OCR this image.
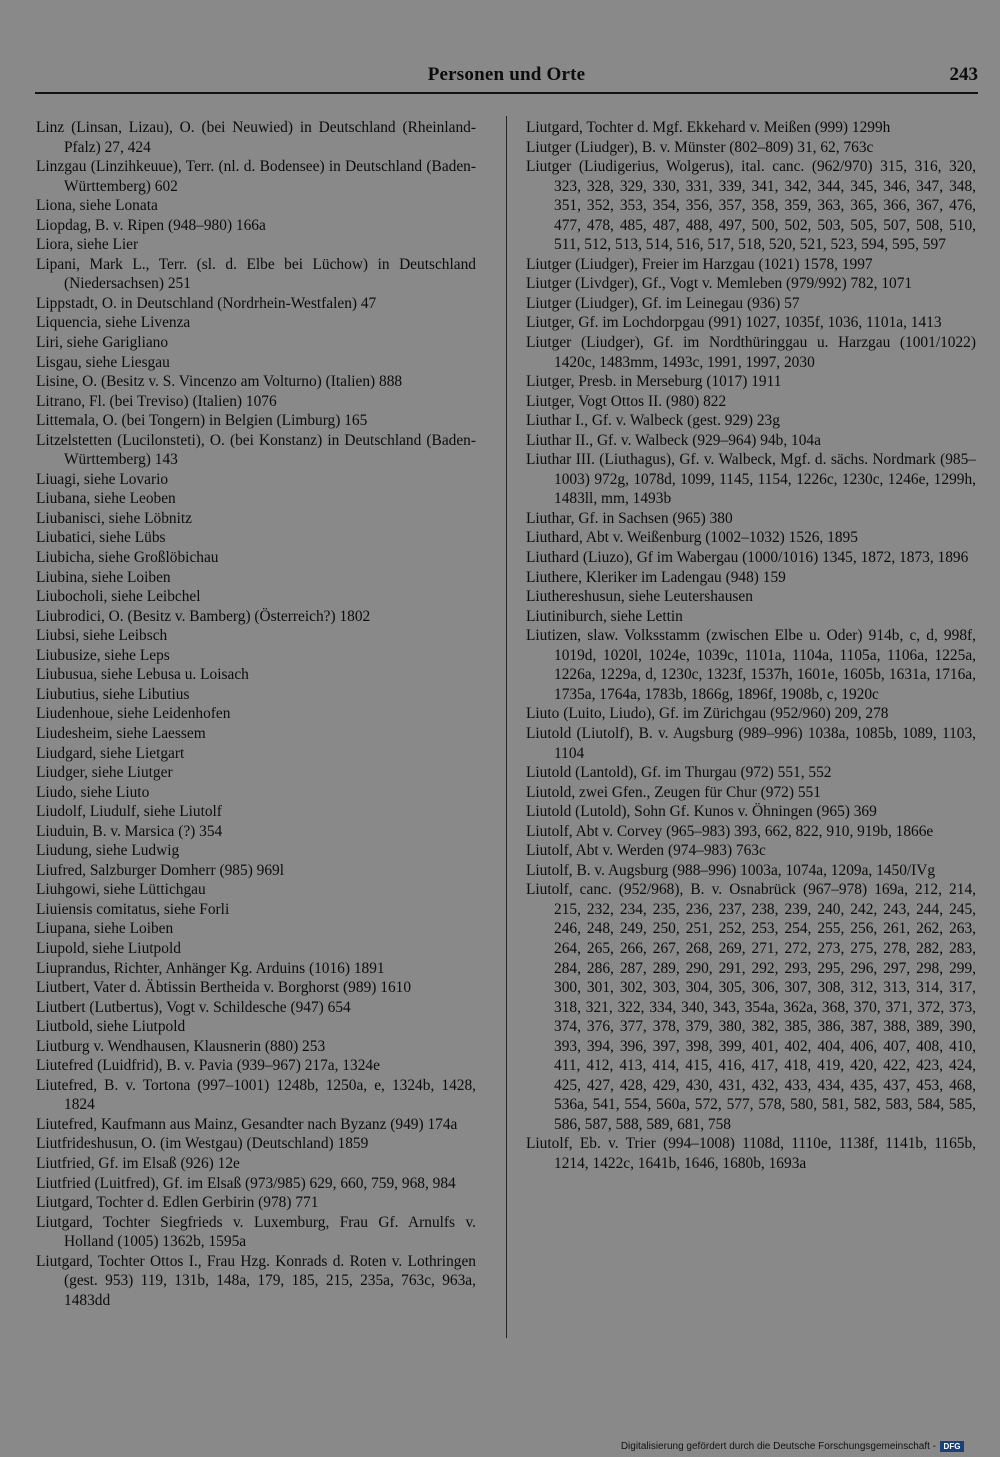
Personen und Orte	243

Linz (Linsan, Lizau), O. (bei Neuwied) in Deutschland (Rheinland-Pfalz) 27, 424

Linzgau (Linzihkeuue), Terr. (nl. d. Bodensee) in Deutschland (Baden-Württemberg) 602

Liona, siehe Lonata

Liopdag, B. v. Ripen (948–980) 166a

Liora, siehe Lier

Lipani, Mark L., Terr. (sl. d. Elbe bei Lüchow) in Deutschland (Niedersachsen) 251

Lippstadt, O. in Deutschland (Nordrhein-Westfalen) 47

Liquencia, siehe Livenza

Liri, siehe Garigliano

Lisgau, siehe Liesgau

Lisine, O. (Besitz v. S. Vincenzo am Volturno) (Italien) 888

Litrano, Fl. (bei Treviso) (Italien) 1076

Littemala, O. (bei Tongern) in Belgien (Limburg) 165

Litzelstetten (Lucilonsteti), O. (bei Konstanz) in Deutschland (Baden-Württemberg) 143

Liuagi, siehe Lovario

Liubana, siehe Leoben

Liubanisci, siehe Löbnitz

Liubatici, siehe Lübs

Liubicha, siehe Großlöbichau

Liubina, siehe Loiben

Liubocholi, siehe Leibchel

Liubrodici, O. (Besitz v. Bamberg) (Österreich?) 1802

Liubsi, siehe Leibsch

Liubusize, siehe Leps

Liubusua, siehe Lebusa u. Loisach

Liubutius, siehe Libutius

Liudenhoue, siehe Leidenhofen

Liudesheim, siehe Laessem

Liudgard, siehe Lietgart

Liudger, siehe Liutger

Liudo, siehe Liuto

Liudolf, Liudulf, siehe Liutolf

Liuduin, B. v. Marsica (?) 354

Liudung, siehe Ludwig

Liufred, Salzburger Domherr (985) 969l

Liuhgowi, siehe Lüttichgau

Liuiensis comitatus, siehe Forli

Liupana, siehe Loiben

Liupold, siehe Liutpold

Liuprandus, Richter, Anhänger Kg. Arduins (1016) 1891

Liutbert, Vater d. Äbtissin Bertheida v. Borghorst (989) 1610

Liutbert (Lutbertus), Vogt v. Schildesche (947) 654

Liutbold, siehe Liutpold

Liutburg v. Wendhausen, Klausnerin (880) 253

Liutefred (Luidfrid), B. v. Pavia (939–967) 217a, 1324e

Liutefred, B. v. Tortona (997–1001) 1248b, 1250a, e, 1324b, 1428, 1824

Liutefred, Kaufmann aus Mainz, Gesandter nach Byzanz (949) 174a

Liutfrideshusun, O. (im Westgau) (Deutschland) 1859

Liutfried, Gf. im Elsaß (926) 12e

Liutfried (Luitfred), Gf. im Elsaß (973/985) 629, 660, 759, 968, 984

Liutgard, Tochter d. Edlen Gerbirin (978) 771

Liutgard, Tochter Siegfrieds v. Luxemburg, Frau Gf. Arnulfs v. Holland (1005) 1362b, 1595a

Liutgard, Tochter Ottos I., Frau Hzg. Konrads d. Roten v. Lothringen (gest. 953) 119, 131b, 148a, 179, 185, 215, 235a, 763c, 963a, 1483dd

Liutgard, Tochter d. Mgf. Ekkehard v. Meißen (999) 1299h

Liutger (Liudger), B. v. Münster (802–809) 31, 62, 763c

Liutger (Liudigerius, Wolgerus), ital. canc. (962/970) 315, 316, 320, 323, 328, 329, 330, 331, 339, 341, 342, 344, 345, 346, 347, 348, 351, 352, 353, 354, 356, 357, 358, 359, 363, 365, 366, 367, 476, 477, 478, 485, 487, 488, 497, 500, 502, 503, 505, 507, 508, 510, 511, 512, 513, 514, 516, 517, 518, 520, 521, 523, 594, 595, 597

Liutger (Liudger), Freier im Harzgau (1021) 1578, 1997

Liutger (Livdger), Gf., Vogt v. Memleben (979/992) 782, 1071

Liutger (Liudger), Gf. im Leinegau (936) 57

Liutger, Gf. im Lochdorpgau (991) 1027, 1035f, 1036, 1101a, 1413

Liutger (Liudger), Gf. im Nordthüringgau u. Harzgau (1001/1022) 1420c, 1483mm, 1493c, 1991, 1997, 2030

Liutger, Presb. in Merseburg (1017) 1911

Liutger, Vogt Ottos II. (980) 822

Liuthar I., Gf. v. Walbeck (gest. 929) 23g

Liuthar II., Gf. v. Walbeck (929–964) 94b, 104a

Liuthar III. (Liuthagus), Gf. v. Walbeck, Mgf. d. sächs. Nordmark (985–1003) 972g, 1078d, 1099, 1145, 1154, 1226c, 1230c, 1246e, 1299h, 1483ll, mm, 1493b

Liuthar, Gf. in Sachsen (965) 380

Liuthard, Abt v. Weißenburg (1002–1032) 1526, 1895

Liuthard (Liuzo), Gf im Wabergau (1000/1016) 1345, 1872, 1873, 1896

Liuthere, Kleriker im Ladengau (948) 159

Liuthereshusun, siehe Leutershausen

Liutiniburch, siehe Lettin

Liutizen, slaw. Volksstamm (zwischen Elbe u. Oder) 914b, c, d, 998f, 1019d, 1020l, 1024e, 1039c, 1101a, 1104a, 1105a, 1106a, 1225a, 1226a, 1229a, d, 1230c, 1323f, 1537h, 1601e, 1605b, 1631a, 1716a, 1735a, 1764a, 1783b, 1866g, 1896f, 1908b, c, 1920c

Liuto (Luito, Liudo), Gf. im Zürichgau (952/960) 209, 278

Liutold (Liutolf), B. v. Augsburg (989–996) 1038a, 1085b, 1089, 1103, 1104

Liutold (Lantold), Gf. im Thurgau (972) 551, 552

Liutold, zwei Gfen., Zeugen für Chur (972) 551

Liutold (Lutold), Sohn Gf. Kunos v. Öhningen (965) 369

Liutolf, Abt v. Corvey (965–983) 393, 662, 822, 910, 919b, 1866e

Liutolf, Abt v. Werden (974–983) 763c

Liutolf, B. v. Augsburg (988–996) 1003a, 1074a, 1209a, 1450/IVg

Liutolf, canc. (952/968), B. v. Osnabrück (967–978) 169a, 212, 214, 215, 232, 234, 235, 236, 237, 238, 239, 240, 242, 243, 244, 245, 246, 248, 249, 250, 251, 252, 253, 254, 255, 256, 261, 262, 263, 264, 265, 266, 267, 268, 269, 271, 272, 273, 275, 278, 282, 283, 284, 286, 287, 289, 290, 291, 292, 293, 295, 296, 297, 298, 299, 300, 301, 302, 303, 304, 305, 306, 307, 308, 312, 313, 314, 317, 318, 321, 322, 334, 340, 343, 354a, 362a, 368, 370, 371, 372, 373, 374, 376, 377, 378, 379, 380, 382, 385, 386, 387, 388, 389, 390, 393, 394, 396, 397, 398, 399, 401, 402, 404, 406, 407, 408, 410, 411, 412, 413, 414, 415, 416, 417, 418, 419, 420, 422, 423, 424, 425, 427, 428, 429, 430, 431, 432, 433, 434, 435, 437, 453, 468, 536a, 541, 554, 560a, 572, 577, 578, 580, 581, 582, 583, 584, 585, 586, 587, 588, 589, 681, 758

Liutolf, Eb. v. Trier (994–1008) 1108d, 1110e, 1138f, 1141b, 1165b, 1214, 1422c, 1641b, 1646, 1680b, 1693a

Digitalisierung gefördert durch die Deutsche Forschungsgemeinschaft - DFG
